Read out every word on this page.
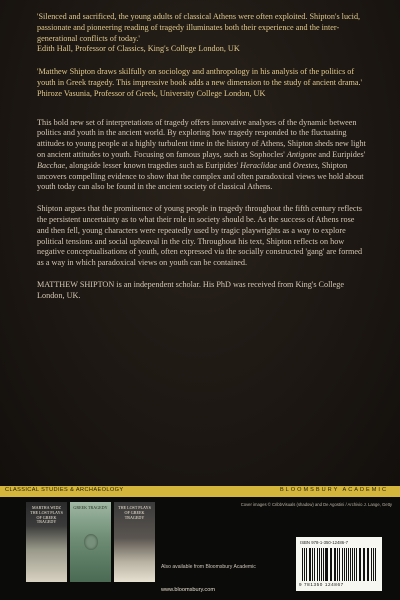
'Silenced and sacrificed, the young adults of classical Athens were often exploited. Shipton's lucid, passionate and pioneering reading of tragedy illuminates both their experience and the inter-generational conflicts of today.'
Edith Hall, Professor of Classics, King's College London, UK

'Matthew Shipton draws skilfully on sociology and anthropology in his analysis of the politics of youth in Greek tragedy. This impressive book adds a new dimension to the study of ancient drama.'
Phiroze Vasunia, Professor of Greek, University College London, UK

This bold new set of interpretations of tragedy offers innovative analyses of the dynamic between politics and youth in the ancient world. By exploring how tragedy responded to the fluctuating attitudes to young people at a highly turbulent time in the history of Athens, Shipton sheds new light on ancient attitudes to youth. Focusing on famous plays, such as Sophocles' Antigone and Euripides' Bacchae, alongside lesser known tragedies such as Euripides' Heraclidae and Orestes, Shipton uncovers compelling evidence to show that the complex and often paradoxical views we hold about youth today can also be found in the ancient society of classical Athens.

Shipton argues that the prominence of young people in tragedy throughout the fifth century reflects the persistent uncertainty as to what their role in society should be. As the success of Athens rose and then fell, young characters were repeatedly used by tragic playwrights as a way to explore political tensions and social upheaval in the city. Throughout his text, Shipton reflects on how negative conceptualisations of youth, often expressed via the socially constructed 'gang' are formed as a way in which paradoxical views on youth can be contained.

MATTHEW SHIPTON is an independent scholar. His PhD was received from King's College London, UK.

CLASSICAL STUDIES & ARCHAEOLOGY	BLOOMSBURY ACADEMIC
MARTHA WIDZ THE LOST PLAYS OF GREEK TRAGEDY
GREEK TRAGEDY	THE LOST PLAYS OF GREEK TRAGEDY
Also available from Bloomsbury Academic
www.bloomsbury.com
Cover images © CribbVisuals (shadow) and De Agostini / Archivio J. Lange, Getty
ISBN 978-1-350-12486-7
9 781350 124867
